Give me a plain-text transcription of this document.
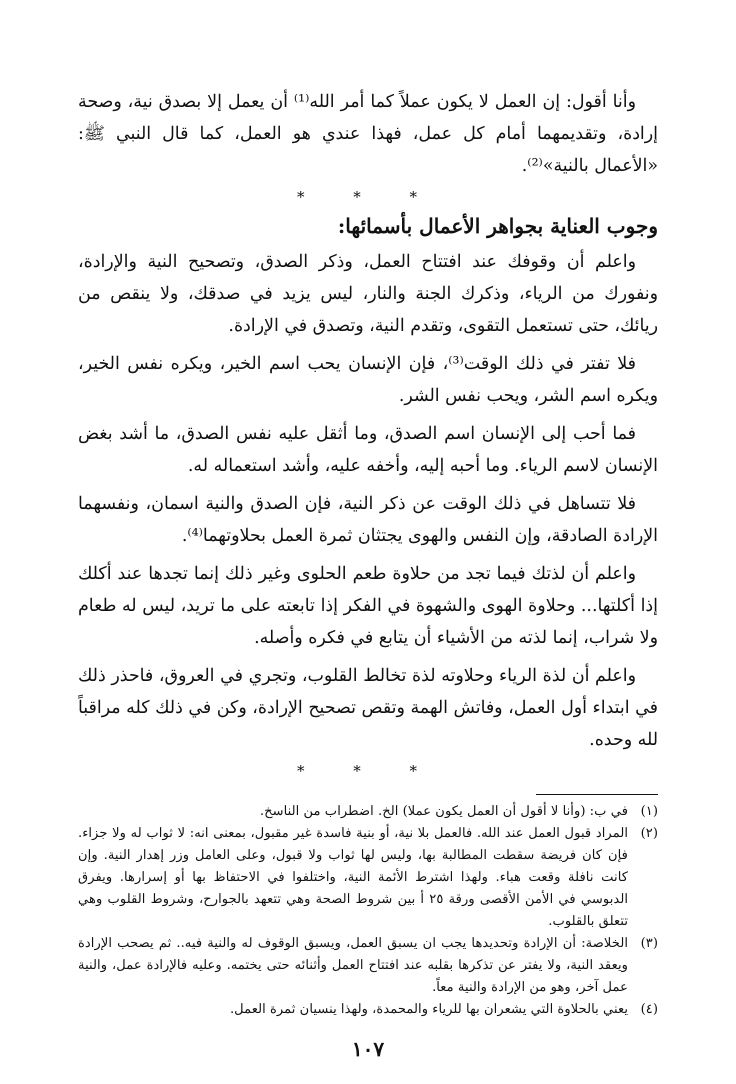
وأنا أقول: إن العمل لا يكون عملاً كما أمر الله⁽¹⁾ أن يعمل إلا بصدق نية، وصحة إرادة، وتقديمهما أمام كل عمل، فهذا عندي هو العمل، كما قال النبي ﷺ: «الأعمال بالنية»⁽²⁾.

* * *
وجوب العناية بجواهر الأعمال بأسمائها:

واعلم أن وقوفك عند افتتاح العمل، وذكر الصدق، وتصحيح النية والإرادة، ونفورك من الرياء، وذكرك الجنة والنار، ليس يزيد في صدقك، ولا ينقص من ريائك، حتى تستعمل التقوى، وتقدم النية، وتصدق في الإرادة.

فلا تفتر في ذلك الوقت⁽³⁾، فإن الإنسان يحب اسم الخير، ويكره نفس الخير، ويكره اسم الشر، ويحب نفس الشر.

فما أحب إلى الإنسان اسم الصدق، وما أثقل عليه نفس الصدق، ما أشد بغض الإنسان لاسم الرياء. وما أحبه إليه، وأخفه عليه، وأشد استعماله له.

فلا تتساهل في ذلك الوقت عن ذكر النية، فإن الصدق والنية اسمان، ونفسهما الإرادة الصادقة، وإن النفس والهوى يجتثان ثمرة العمل بحلاوتهما⁽⁴⁾.

واعلم أن لذتك فيما تجد من حلاوة طعم الحلوى وغير ذلك إنما تجدها عند أكلك إذا أكلتها... وحلاوة الهوى والشهوة في الفكر إذا تابعته على ما تريد، ليس له طعام ولا شراب، إنما لذته من الأشياء أن يتابع في فكره وأصله.

واعلم أن لذة الرياء وحلاوته لذة تخالط القلوب، وتجري في العروق، فاحذر ذلك في ابتداء أول العمل، وفاتش الهمة وتقص تصحيح الإرادة، وكن في ذلك كله مراقباً لله وحده.

* * *
(١)
في ب: (وأنا لا أقول أن العمل يكون عملا) الخ. اضطراب من الناسخ.
(٢)
المراد قبول العمل عند الله. فالعمل بلا نية، أو بنية فاسدة غير مقبول، بمعنى انه: لا ثواب له ولا جزاء. فإن كان فريضة سقطت المطالبة بها، وليس لها ثواب ولا قبول، وعلى العامل وزر إهدار النية. وإن كانت نافلة وقعت هباء. ولهذا اشترط الأئمة النية، واختلفوا في الاحتفاظ بها أو إسرارها. ويفرق الدبوسي في الأمن الأقصى ورقة ٢٥ أ بين شروط الصحة وهي تتعهد بالجوارح، وشروط القلوب وهي تتعلق بالقلوب.
(٣)
الخلاصة: أن الإرادة وتحديدها يجب ان يسبق العمل، ويسبق الوقوف له والنية فيه.. ثم يصحب الإرادة ويعقد النية، ولا يفتر عن تذكرها بقلبه عند افتتاح العمل وأثنائه حتى يختمه. وعليه فالإرادة عمل، والنية عمل آخر، وهو من الإرادة والنية معاً.
(٤)
يعني بالحلاوة التي يشعران بها للرياء والمحمدة، ولهذا ينسيان ثمرة العمل.
١٠٧
